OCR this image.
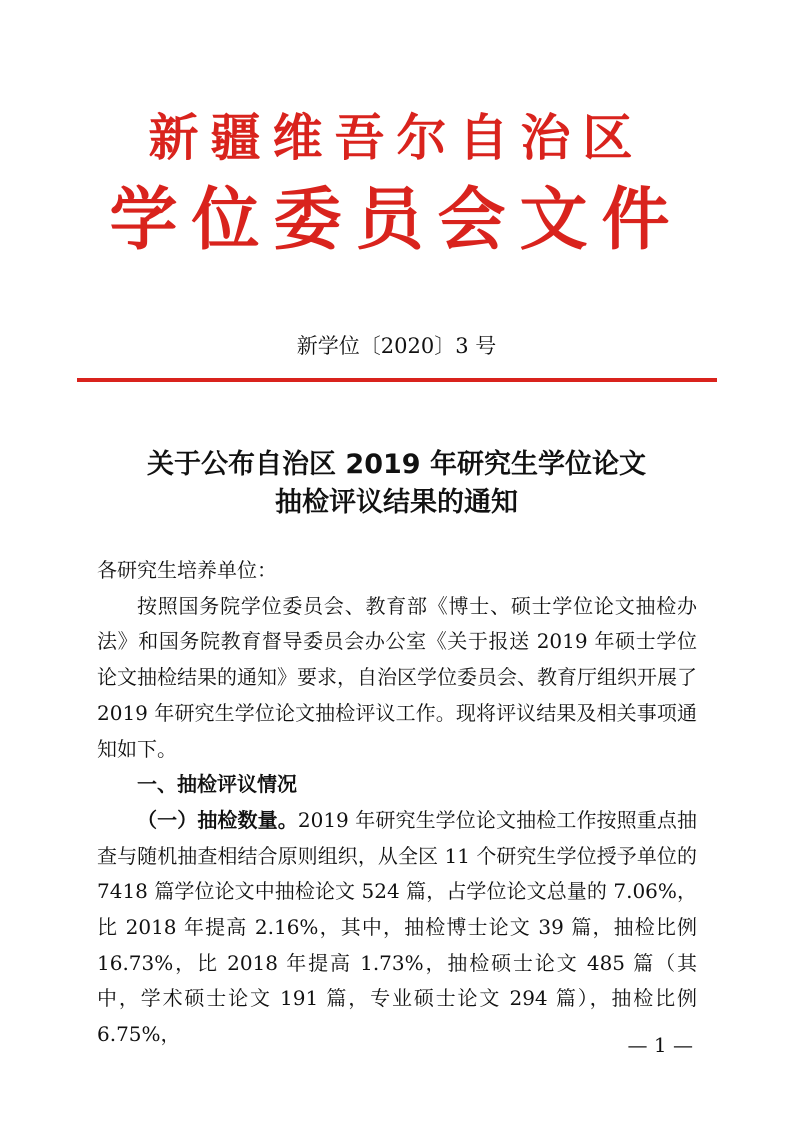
新疆维吾尔自治区
学位委员会文件
新学位〔2020〕3 号
关于公布自治区 2019 年研究生学位论文
抽检评议结果的通知

各研究生培养单位：

按照国务院学位委员会、教育部《博士、硕士学位论文抽检办法》和国务院教育督导委员会办公室《关于报送 2019 年硕士学位论文抽检结果的通知》要求，自治区学位委员会、教育厅组织开展了 2019 年研究生学位论文抽检评议工作。现将评议结果及相关事项通知如下。

一、抽检评议情况

（一）抽检数量。2019 年研究生学位论文抽检工作按照重点抽查与随机抽查相结合原则组织，从全区 11 个研究生学位授予单位的 7418 篇学位论文中抽检论文 524 篇，占学位论文总量的 7.06%，比 2018 年提高 2.16%，其中，抽检博士论文 39 篇，抽检比例 16.73%，比 2018 年提高 1.73%，抽检硕士论文 485 篇（其中，学术硕士论文 191 篇，专业硕士论文 294 篇），抽检比例 6.75%，	— 1 —
